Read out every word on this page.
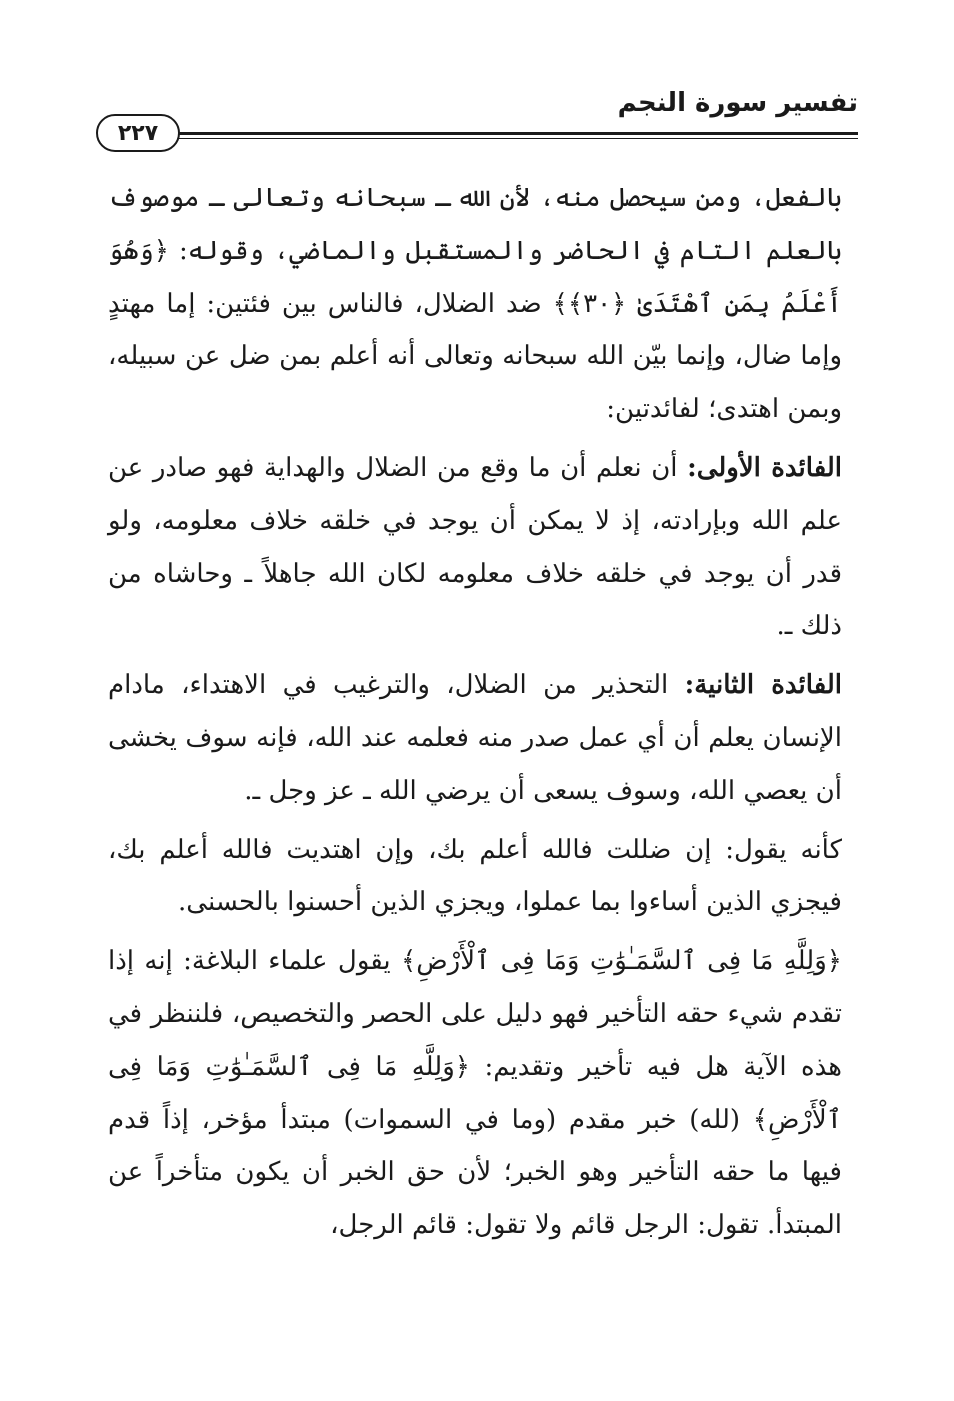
تفسير سورة النجم
٢٢٧

بالفعل، ومن سيحصل منه، لأن الله ـ سبحانه وتعالى ـ موصوف بالعلم التام في الحاضر والمستقبل والماضي، وقوله: ﴿وَهُوَ أَعْلَمُ بِمَنِ ٱهْتَدَىٰ ﴿٣٠﴾﴾ ضد الضلال، فالناس بين فئتين: إما مهتدٍ وإما ضال، وإنما بيّن الله سبحانه وتعالى أنه أعلم بمن ضل عن سبيله، وبمن اهتدى؛ لفائدتين:

الفائدة الأولى: أن نعلم أن ما وقع من الضلال والهداية فهو صادر عن علم الله وبإرادته، إذ لا يمكن أن يوجد في خلقه خلاف معلومه، ولو قدر أن يوجد في خلقه خلاف معلومه لكان الله جاهلاً ـ وحاشاه من ذلك ـ.

الفائدة الثانية: التحذير من الضلال، والترغيب في الاهتداء، مادام الإنسان يعلم أن أي عمل صدر منه فعلمه عند الله، فإنه سوف يخشى أن يعصي الله، وسوف يسعى أن يرضي الله ـ عز وجل ـ.

كأنه يقول: إن ضللت فالله أعلم بك، وإن اهتديت فالله أعلم بك، فيجزي الذين أساءوا بما عملوا، ويجزي الذين أحسنوا بالحسنى.

﴿وَلِلَّهِ مَا فِى ٱلسَّمَـٰوَٰتِ وَمَا فِى ٱلْأَرْضِ﴾ يقول علماء البلاغة: إنه إذا تقدم شيء حقه التأخير فهو دليل على الحصر والتخصيص، فلننظر في هذه الآية هل فيه تأخير وتقديم: ﴿وَلِلَّهِ مَا فِى ٱلسَّمَـٰوَٰتِ وَمَا فِى ٱلْأَرْضِ﴾ (لله) خبر مقدم (وما في السموات) مبتدأ مؤخر، إذاً قدم فيها ما حقه التأخير وهو الخبر؛ لأن حق الخبر أن يكون متأخراً عن المبتدأ. تقول: الرجل قائم ولا تقول: قائم الرجل،
